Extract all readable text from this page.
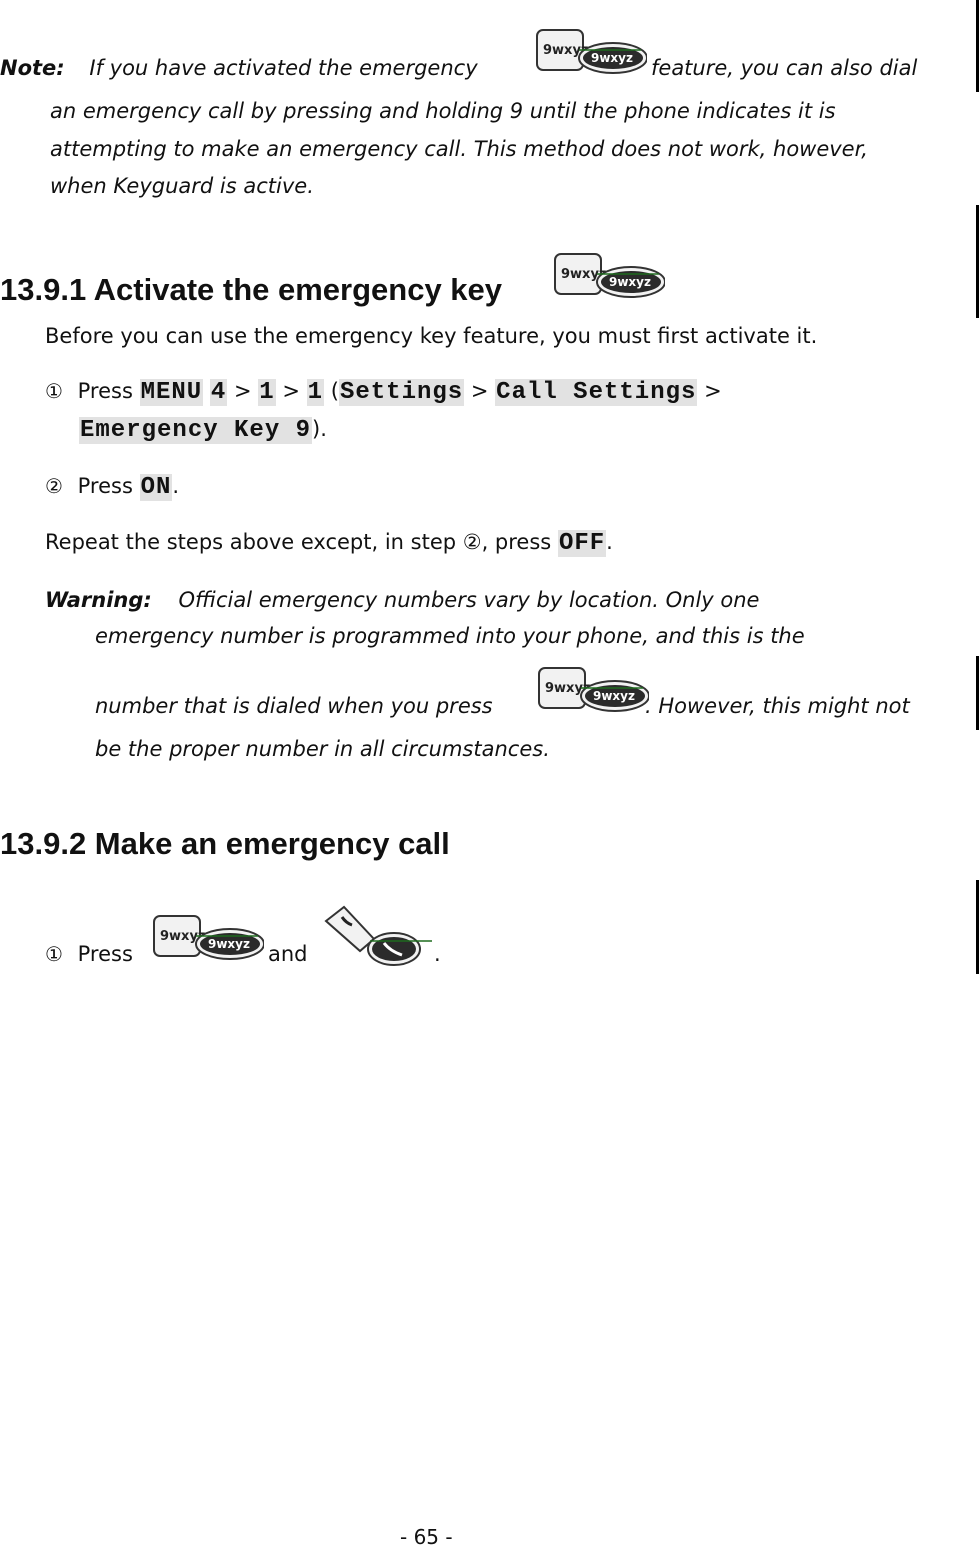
Note: If you have activated the emergency	feature, you can also dial
an emergency call by pressing and holding 9 until the phone indicates it is
attempting to make an emergency call. This method does not work, however,
when Keyguard is active.
13.9.1 Activate the emergency key
Before you can use the emergency key feature, you must first activate it.
① Press MENU 4 > 1 > 1 (Settings > Call Settings >
Emergency Key 9).
② Press ON.
Repeat the steps above except, in step ②, press OFF.
Warning: Official emergency numbers vary by location. Only one
emergency number is programmed into your phone, and this is the
number that is dialed when you press	. However, this might not
be the proper number in all circumstances.
13.9.2 Make an emergency call
① Press	and	.
- 65 -
